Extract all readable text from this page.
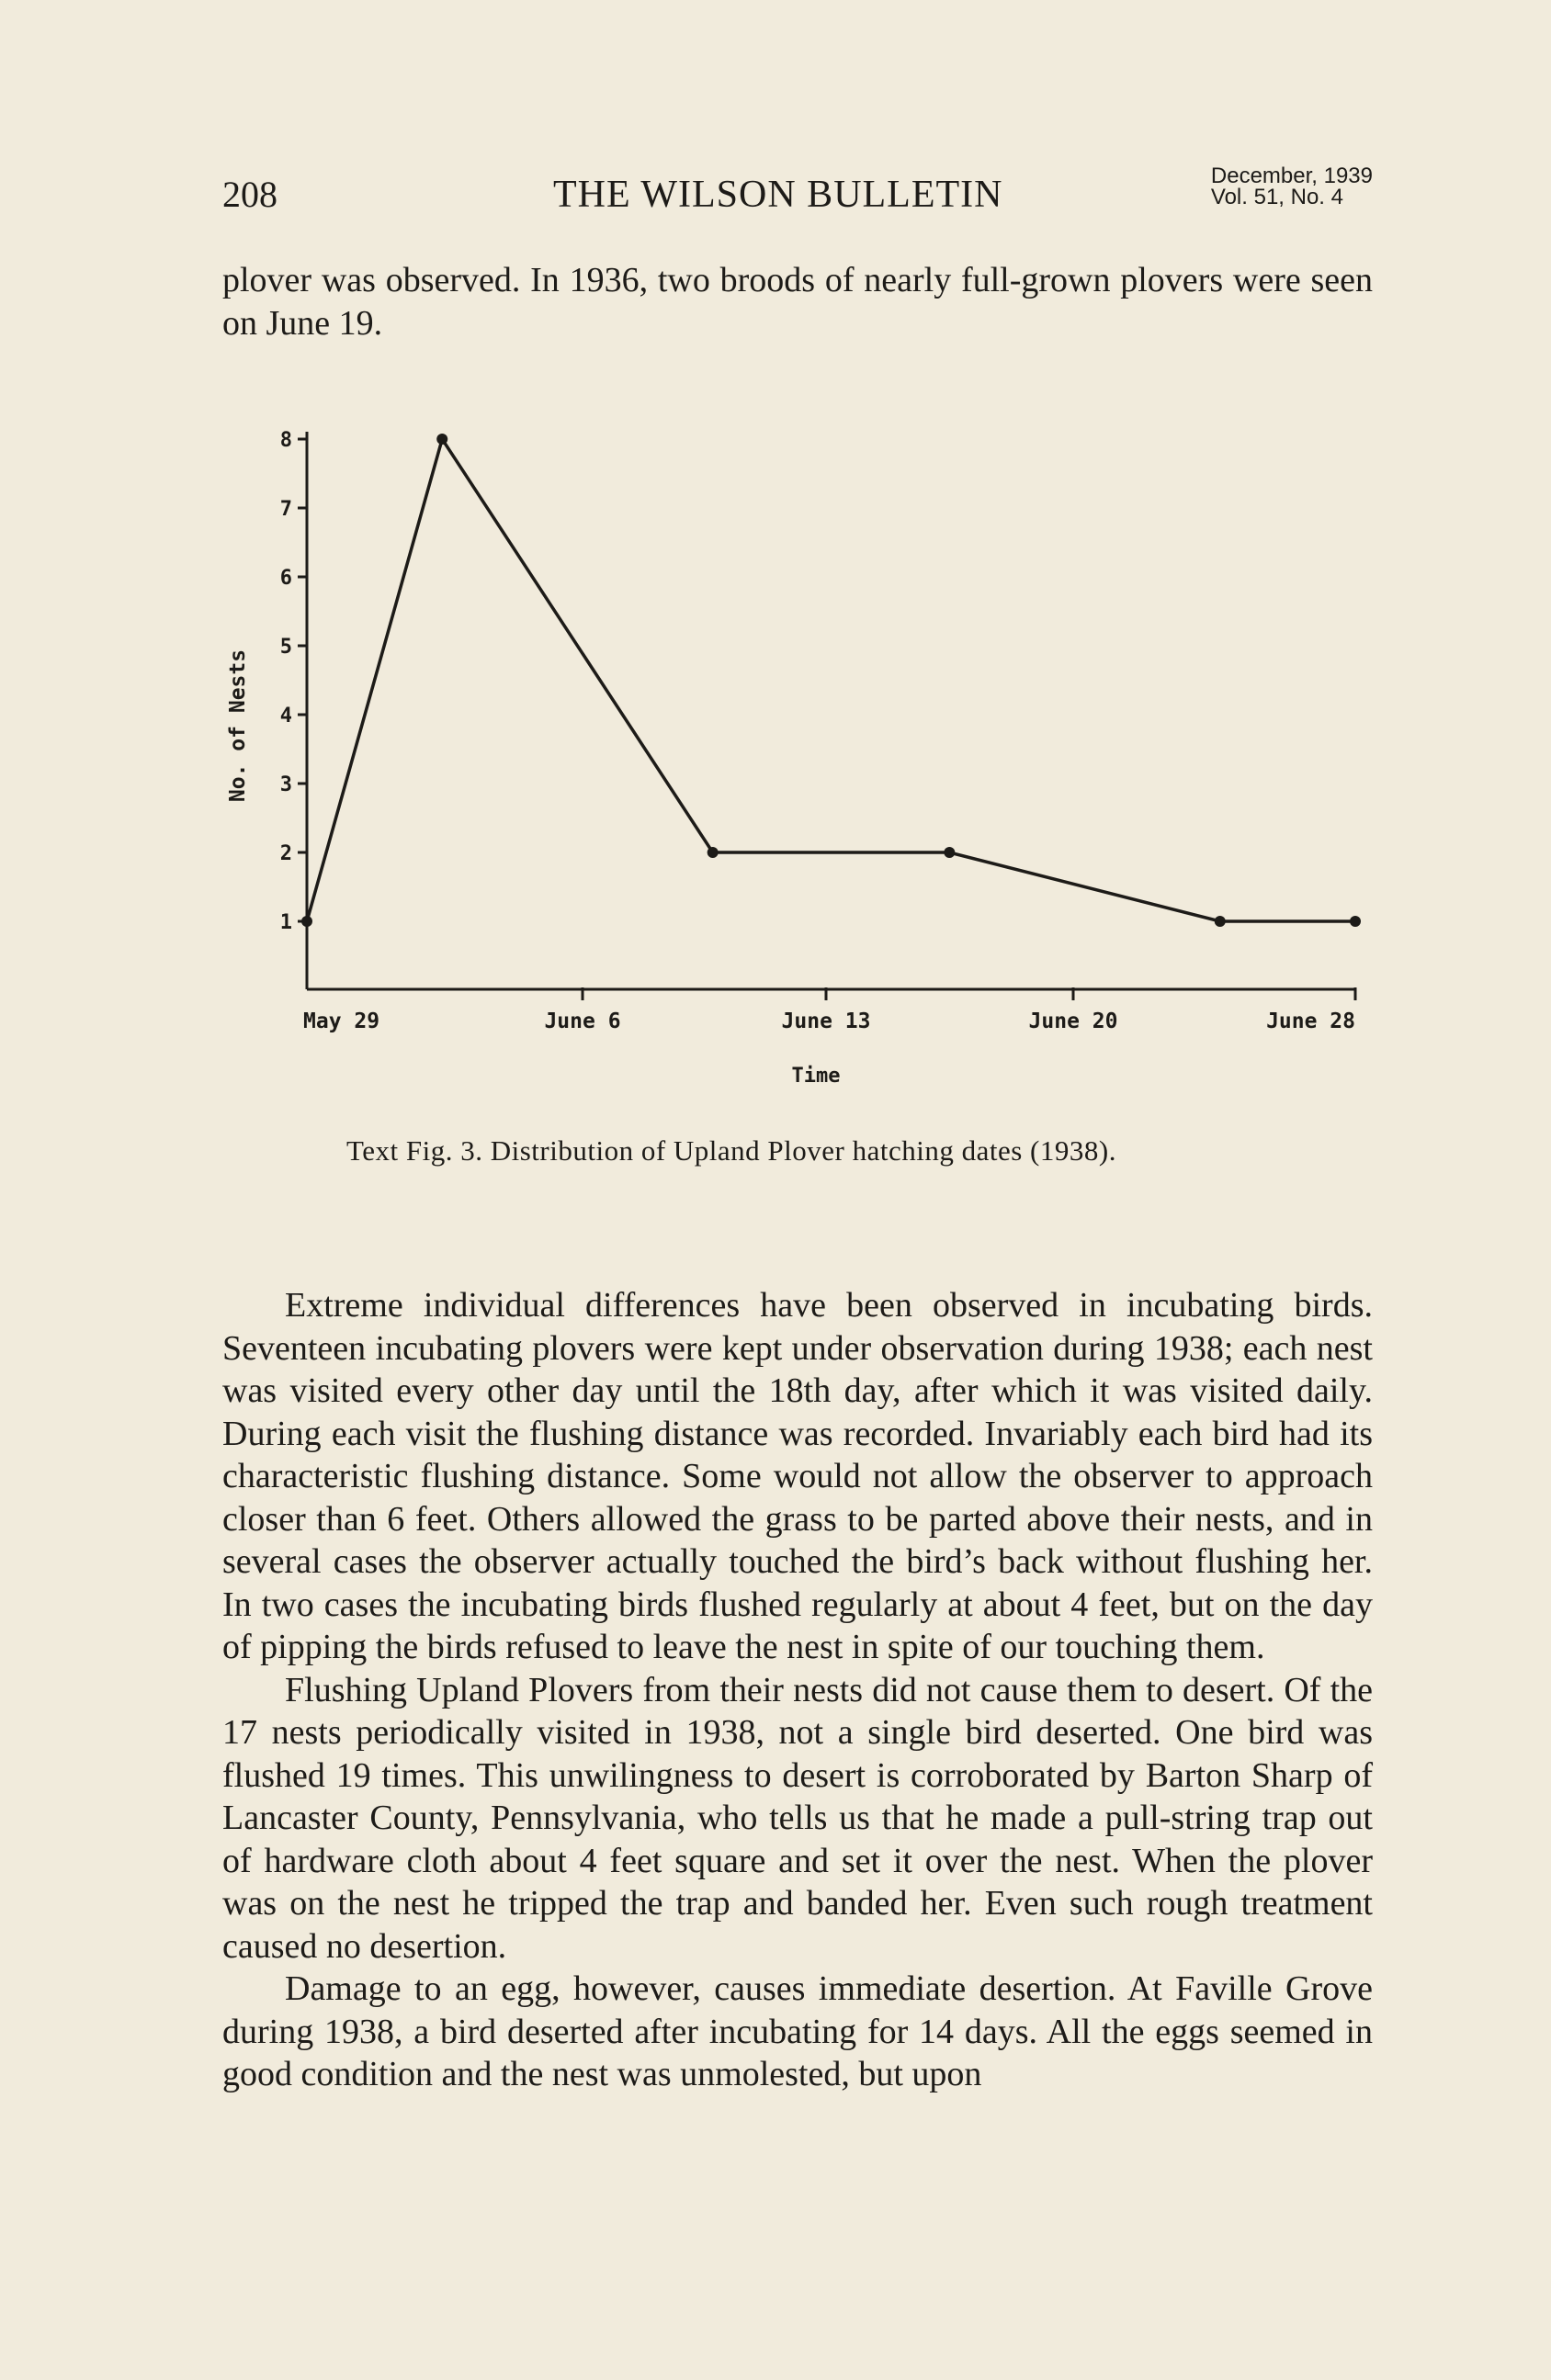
208	THE WILSON BULLETIN	December, 1939
Vol. 51, No. 4

plover was observed. In 1936, two broods of nearly full-grown plovers were seen on June 19.

1
2
3
4
5
6
7
8
May 29	June 6	June 13	June 20	June 28
Time
No. of Nests
Text Fig. 3. Distribution of Upland Plover hatching dates (1938).

Extreme individual differences have been observed in incubating birds. Seventeen incubating plovers were kept under observation during 1938; each nest was visited every other day until the 18th day, after which it was visited daily. During each visit the flushing distance was recorded. Invariably each bird had its characteristic flushing distance. Some would not allow the observer to approach closer than 6 feet. Others allowed the grass to be parted above their nests, and in several cases the observer actually touched the bird’s back without flushing her. In two cases the incubating birds flushed regularly at about 4 feet, but on the day of pipping the birds refused to leave the nest in spite of our touching them.

Flushing Upland Plovers from their nests did not cause them to desert. Of the 17 nests periodically visited in 1938, not a single bird deserted. One bird was flushed 19 times. This unwilingness to desert is corroborated by Barton Sharp of Lancaster County, Pennsylvania, who tells us that he made a pull-string trap out of hardware cloth about 4 feet square and set it over the nest. When the plover was on the nest he tripped the trap and banded her. Even such rough treatment caused no desertion.

Damage to an egg, however, causes immediate desertion. At Faville Grove during 1938, a bird deserted after incubating for 14 days. All the eggs seemed in good condition and the nest was unmolested, but upon
